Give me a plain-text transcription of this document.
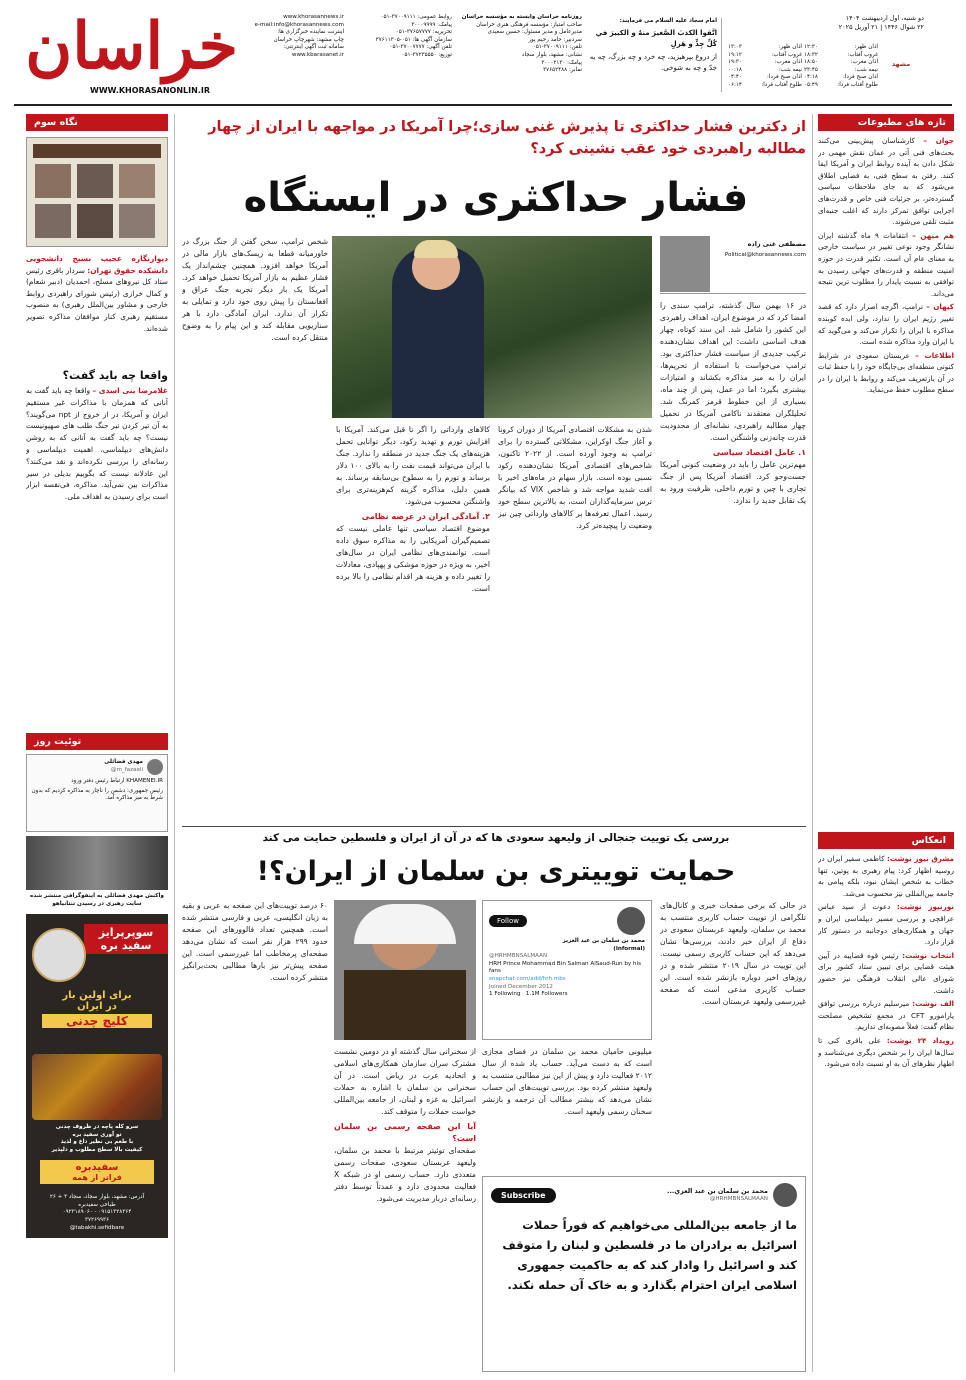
خراسان
WWW.KHORASANONLIN.IR
www.khorasannews.ir
e-mail:info@khorasannews.com
اینترنت نماینده خبرگزاری ها:
چاپ مشهد: شهرچاپ خراسان
سامانه ثبت آگهی اینترنتی:
www.kbarasanet.ir
روابط عمومی: ۳۷۰۰۹۱۱۱-۰۵۱
پیامک: ۳۰۰۰۹۹۹۹
تحریریه: ۳۷۶۵۷۷۷۷-۰۵۱
سازمان آگهی ها: ۰۵۱-۳۷۶۱۱۳۰۵
تلفن آگهی: ۳۷۰۰۷۷۷۷-۰۵۱
توزیع: ۳۷۲۳۵۵۵۰-۰۵۱
روزنامه خراسان وابسته به مؤسسه خراسان
صاحب امتیاز: مؤسسه فرهنگی هنری خراسان
مدیرعامل و مدیر مسئول: حسین سعیدی
سردبیر: حامد رحیم پور
تلفن: ۳۷۰۰۹۱۱۱-۰۵۱
نشانی: مشهد، بلوار سجاد
پیامک: ۳۰۰۰۲۱۳۰
نمابر: ۳۷۶۵۲۴۸۸
امام سجاد علیه السلام می فرمایند:
اتَّقوا الكذبَ الصَّغيرَ منهُ و الكبيرَ في كُلِّ جِدٍّ و هَزلٍ
از دروغ بپرهیزید، چه خرد و چه بزرگ، چه به جدّ و چه به شوخی.
اذان ظهر:
۱۲:۳۰
غروب آفتاب:
۱۸:۳۲
اذان مغرب:
۱۸:۵۰
نیمه شب:
۲۳:۴۵
اذان صبح فردا:
۰۴:۱۸
طلوع آفتاب فردا:
۰۵:۴۹
اذان ظهر:
۱۳:۰۳
غروب آفتاب:
۱۹:۱۲
اذان مغرب:
۱۹:۳۰
نیمه شب:
۰۰:۱۸
اذان صبح فردا:
۰۴:۴۰
طلوع آفتاب فردا:
۰۶:۱۴
مشهد
دو شنبه، اول اردیبهشت ۱۴۰۴
۲۲ شوال ۱۴۴۶ | ۲۱ آوریل ۲۰۲۵
تازه های مطبوعات

جوان – کارشناسان پیش‌بینی می‌کنند بحث‌های فنی آتی در عمان نقش مهمی در شکل دادن به آینده روابط ایران و آمریکا ایفا کنند. رفتن به سطح فنی، به فضایی اطلاق می‌شود که به جای ملاحظات سیاسی گسترده‌تر، بر جزئیات فنی خاص و قدرت‌های اجرایی توافق تمرکز دارند که اغلب جنبه‌ای مثبت تلقی می‌شوند.

هم میهن – انتقامات ۹ ماه گذشته ایران نشانگر وجود نوعی تغییر در سیاست خارجی به معنای عام آن است. تکثیر قدرت در حوزه امنیت منطقه و قدرت‌های جهانی رسیدن به توافقی به نسبت پایدار را مطلوب ترین نتیجه می‌داند.

کیهان – ترامپ، اگرچه اصرار دارد که قصد تغییر رژیم ایران را ندارد، ولی ایده کوبنده مذاکره با ایران را تکرار می‌کند و می‌گوید که با ایران وارد مذاکره شده است.

اطلاعات – عربستان سعودی در شرایط کنونی منطقه‌ای بی‌جایگاه خود را با حفظ ثبات در آن بازتعریف می‌کند و روابط با ایران را در سطح مطلوب حفظ می‌نماید.

انعکاس

مشرق نیوز نوشت: کاظمی سفیر ایران در روسیه اظهار کرد: پیام رهبری به پوتین، تنها خطاب به شخص ایشان نبود، بلکه پیامی به جامعه بین‌المللی نیز محسوب می‌شد.

نورنیوز نوشت: دعوت از سید عباس عراقچی و بررسی مسیر دیپلماسی ایران و جهان و همکاری‌های دوجانبه در دستور کار قرار دارد.

انتخاب نوشت: رئیس قوه قضاییه در آیین هیئت قضایی برای تبیین ستاد کشور برای شورای عالی انقلاب فرهنگی نیز حضور داشت.

الف نوشت: میرسلیم درباره بررسی توافق پارامورو CFT در مجمع تشخیص مصلحت نظام گفت: فعلاً مصوبه‌ای نداریم.

رویداد ۲۴ نوشت: علی باقری کنی تا سال‌ها ایران را بر شخص دیگری می‌شناسد و اظهار نظرهای آن به او نسبت داده می‌شود.

نگاه سوم
دیوارنگاره عجیب بسیج دانشجویی دانشکده حقوق تهران: سردار باقری رئیس ستاد کل نیروهای مسلح، احمدیان (دبیر شعام) و کمال خرازی (رئیس شورای راهبردی روابط خارجی و مشاور بین‌الملل رهبری) به منصوب مستقیم رهبری کنار موافقان مذاکره تصویر شده‌اند.
واقعا چه باید گفت؟
غلامرضا بنی اسدی – واقعا چه باید گفت به آنانی که همزمان با مذاکرات غیر مستقیم ایران و آمریکا، در از خروج از npt می‌گویند؟ به آن تیر کردن تیر جنگ طلب های صهیونیست نیست؟ چه باید گفت به آنانی که به روشن دانش‌های دیپلماسی، اهمیت دیپلماسی و رسانه‌ای را بررسی نکرده‌اند و نقد می‌کنند؟ این عادلانه نیست که بگوییم بدیلی در سیر مذاکرات بین نمی‌آید. مذاکره، فی‌نفسه ابزار است برای رسیدن به اهداف ملی.
توئیت روز
مهدی فضائلی
@m_fazaeli
KHAMENEI.IR ارتباط رئیس دفتر ورود
رئیس جمهوری: دشمن را ناچار به مذاکره کردیم که بدون شرط به میز مذاکره آمد.
واکنش مهدی فضائلی به اینفوگرافی منتشر شده سایت رهبری در رسیدن تنتانیاهو
سوپرپرایز
سفید بره
برای اولین بار
در ایران
کلیچ چدنی
سرو کله پاچه در ظروف چدنی
تو آوری سفید بره
با طعم بی نظیر داغ و لذیذ
کیفیت بالا سطح مطلوب و دلپذیر
سفیدبره
فراتر از همه
آدرس: مشهد، بلوار سجاد، سجاد ۴ + ۲۶
طباخی سفیدبره
۰۹۱۵۱۳۲۸۳۶۴ - ۰۹۲۳۱۸۹۰۶۰
۳۷۲۶۹۹۳۶
@tabakhi.sefidbare
از دکترین فشار حداکثری تا پذیرش غنی سازی؛چرا آمریکا در مواجهه با ایران از چهار مطالبه راهبردی خود عقب نشینی کرد؟
فشار حداکثری در ایستگاه
مصطفی غنی زاده
Political@khorasannews.com

در ۱۶ بهمن سال گذشته، ترامپ سندی را امضا کرد که در موضوع ایران، اهداف راهبردی این کشور را شامل شد. این سند کوتاه، چهار هدف اساسی داشت: این اهداف نشان‌دهنده ترکیب جدیدی از سیاست فشار حداکثری بود. ترامپ می‌خواست با استفاده از تحریم‌ها، ایران را به میز مذاکره بکشاند و امتیازات بیشتری بگیرد؛ اما در عمل، پس از چند ماه، بسیاری از این خطوط قرمز کمرنگ شد. تحلیلگران معتقدند ناکامی آمریکا در تحمیل چهار مطالبه راهبردی، نشانه‌ای از محدودیت قدرت چانه‌زنی واشنگتن است.

۱. عامل اقتصاد سیاسی

مهم‌ترین عامل را باید در وضعیت کنونی آمریکا جست‌وجو کرد. اقتصاد آمریکا پس از جنگ تجاری با چین و تورم داخلی، ظرفیت ورود به یک تقابل جدید را ندارد.

شدن به مشکلات اقتصادی آمریکا از دوران کرونا و آغاز جنگ اوکراین، مشکلاتی گسترده را برای ترامپ به وجود آورده است. از ۲۰۲۲ تاکنون، شاخص‌های اقتصادی آمریکا نشان‌دهنده رکود نسبی بوده است. بازار سهام در ماه‌های اخیر با افت شدید مواجه شد و شاخص VIX که بیانگر ترس سرمایه‌گذاران است، به بالاترین سطح خود رسید. اعمال تعرفه‌ها بر کالاهای وارداتی چین نیز وضعیت را پیچیده‌تر کرد.

کالاهای وارداتی را اگر تا قبل می‌کند. آمریکا با افزایش تورم و تهدید رکود، دیگر توانایی تحمل هزینه‌های یک جنگ جدید در منطقه را ندارد. جنگ با ایران می‌تواند قیمت نفت را به بالای ۱۰۰ دلار برساند و تورم را به سطوح بی‌سابقه برساند. به همین دلیل، مذاکره گزینه کم‌هزینه‌تری برای واشنگتن محسوب می‌شود.

۲. آمادگی ایران در عرصه نظامی

موضوع اقتصاد سیاسی تنها عاملی نیست که تصمیم‌گیران آمریکایی را به مذاکره سوق داده است. توانمندی‌های نظامی ایران در سال‌های اخیر، به ویژه در حوزه موشکی و پهپادی، معادلات را تغییر داده و هزینه هر اقدام نظامی را بالا برده است.

شخص ترامپ، سخن گفتن از جنگ بزرگ در خاورمیانه قطعا به ریسک‌های بازار مالی در آمریکا خواهد افزود. همچنین چشم‌انداز یک فشار عظیم به بازار آمریکا تحمیل خواهد کرد. آمریکا یک بار دیگر تجربه جنگ عراق و افغانستان را پیش روی خود دارد و تمایلی به تکرار آن ندارد. ایران آمادگی دارد با هر سناریویی مقابله کند و این پیام را به وضوح منتقل کرده است.

بررسی یک توییت جنجالی از ولیعهد سعودی ها که در آن از ایران و فلسطین حمایت می کند
حمایت توییتری بن سلمان از ایران؟!

در حالی که برخی صفحات خبری و کانال‌های تلگرامی از توییت حساب کاربری منتسب به محمد بن سلمان، ولیعهد عربستان سعودی در دفاع از ایران خبر دادند، بررسی‌ها نشان می‌دهد که این حساب کاربری رسمی نیست. این توییت در سال ۲۰۱۹ منتشر شده و در روزهای اخیر دوباره بازنشر شده است. این حساب کاربری مدعی است که صفحه غیررسمی ولیعهد عربستان است.

Follow
محمد بن سلمان بن عبد العزيز
(Informal)
@HRHMBNSALMAAN
HRH Prince Mohammad Bin Salman AlSaud-Run by his fans
snapchat.com/add/hrh.mbs
Joined December 2012
1 Following 1.1M Followers

میلیونی حامیان محمد بن سلمان در فضای مجازی است که به دست می‌آید. حساب یاد شده از سال ۲۰۱۲ فعالیت دارد و پیش از این نیز مطالبی منتسب به ولیعهد منتشر کرده بود. بررسی توییت‌های این حساب نشان می‌دهد که بیشتر مطالب آن ترجمه و بازنشر سخنان رسمی ولیعهد است.

از سخنرانی سال گذشته او در دومین نشست مشترک سران سازمان همکاری‌های اسلامی و اتحادیه عرب در ریاض است. در آن سخنرانی بن سلمان با اشاره به حملات اسرائیل به غزه و لبنان، از جامعه بین‌المللی خواست حملات را متوقف کند.

آیا این صفحه رسمی بن سلمان است؟

صفحه‌ای توئیتر مرتبط با محمد بن سلمان، ولیعهد عربستان سعودی، صفحات رسمی متعددی دارد. حساب رسمی او در شبکه X فعالیت محدودی دارد و عمدتاً توسط دفتر رسانه‌ای دربار مدیریت می‌شود.

۶۰ درصد توییت‌های این صفحه به عربی و بقیه به زبان انگلیسی، عربی و فارسی منتشر شده است. همچنین تعداد فالوورهای این صفحه حدود ۲۹۹ هزار نفر است که نشان می‌دهد صفحه‌ای پرمخاطب اما غیررسمی است. این صفحه پیش‌تر نیز بارها مطالبی بحث‌برانگیز منتشر کرده است.

محمد بن سلمان بن عبد العزي...
@HRHMBNSALMAAN
Subscribe
ما از جامعه بین‌المللی می‌خواهیم که فوراً حملات اسرائیل به برادران ما در فلسطین و لبنان را متوقف کند و اسرائیل را وادار کند که به حاکمیت جمهوری اسلامی ایران احترام بگذارد و به خاک آن حمله نکند.
